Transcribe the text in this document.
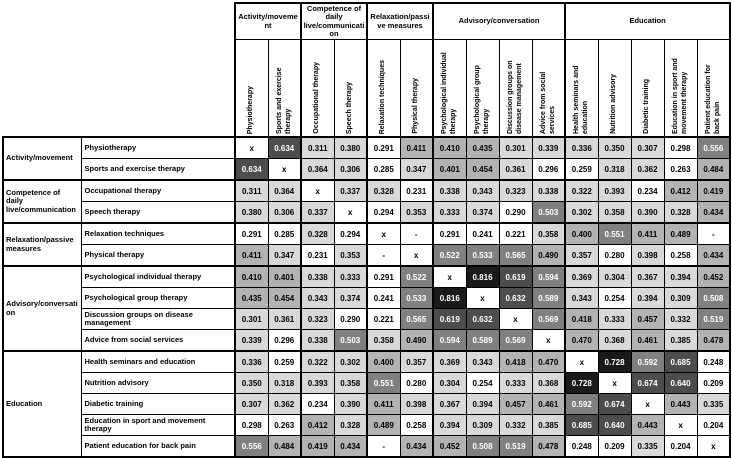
		Activity/movement		Competence of daily live/communication		Relaxation/passive measures		Advisory/conversation				Education				

		Physiotherapy	Sports and exercise therapy	Occupational therapy	Speech therapy	Relaxation techniques	Physical therapy	Psychological individual therapy	Psychological group therapy	Discussion groups on disease management	Advice from social services	Health seminars and education	Nutrition advisory	Diabetic training	Education in sport and movement therapy	Patient education for back pain

Activity/movement	Physiotherapy	x	0.634	0.311	0.380	0.291	0.411	0.410	0.435	0.301	0.339	0.336	0.350	0.307	0.298	0.556
	Sports and exercise therapy	0.634	x	0.364	0.306	0.285	0.347	0.401	0.454	0.361	0.296	0.259	0.318	0.362	0.263	0.484
Competence of daily live/communication	Occupational therapy	0.311	0.364	x	0.337	0.328	0.231	0.338	0.343	0.323	0.338	0.322	0.393	0.234	0.412	0.419
	Speech therapy	0.380	0.306	0.337	x	0.294	0.353	0.333	0.374	0.290	0.503	0.302	0.358	0.390	0.328	0.434
Relaxation/passive measures	Relaxation techniques	0.291	0.285	0.328	0.294	x	-	0.291	0.241	0.221	0.358	0.400	0.551	0.411	0.489	-
	Physical therapy	0.411	0.347	0.231	0.353	-	x	0.522	0.533	0.565	0.490	0.357	0.280	0.398	0.258	0.434
Advisory/conversation	Psychological individual therapy	0.410	0.401	0.338	0.333	0.291	0.522	x	0.816	0.619	0.594	0.369	0.304	0.367	0.394	0.452
	Psychological group therapy	0.435	0.454	0.343	0.374	0.241	0.533	0.816	x	0.632	0.589	0.343	0.254	0.394	0.309	0.508
	Discussion groups on disease management	0.301	0.361	0.323	0.290	0.221	0.565	0.619	0.632	x	0.569	0.418	0.333	0.457	0.332	0.519
	Advice from social services	0.339	0.296	0.338	0.503	0.358	0.490	0.594	0.589	0.569	x	0.470	0.368	0.461	0.385	0.478
Education	Health seminars and education	0.336	0.259	0.322	0.302	0.400	0.357	0.369	0.343	0.418	0.470	x	0.728	0.592	0.685	0.248
	Nutrition advisory	0.350	0.318	0.393	0.358	0.551	0.280	0.304	0.254	0.333	0.368	0.728	x	0.674	0.640	0.209
	Diabetic training	0.307	0.362	0.234	0.390	0.411	0.398	0.367	0.394	0.457	0.461	0.592	0.674	x	0.443	0.335
	Education in sport and movement therapy	0.298	0.263	0.412	0.328	0.489	0.258	0.394	0.309	0.332	0.385	0.685	0.640	0.443	x	0.204
	Patient education for back pain	0.556	0.484	0.419	0.434	-	0.434	0.452	0.508	0.519	0.478	0.248	0.209	0.335	0.204	x
